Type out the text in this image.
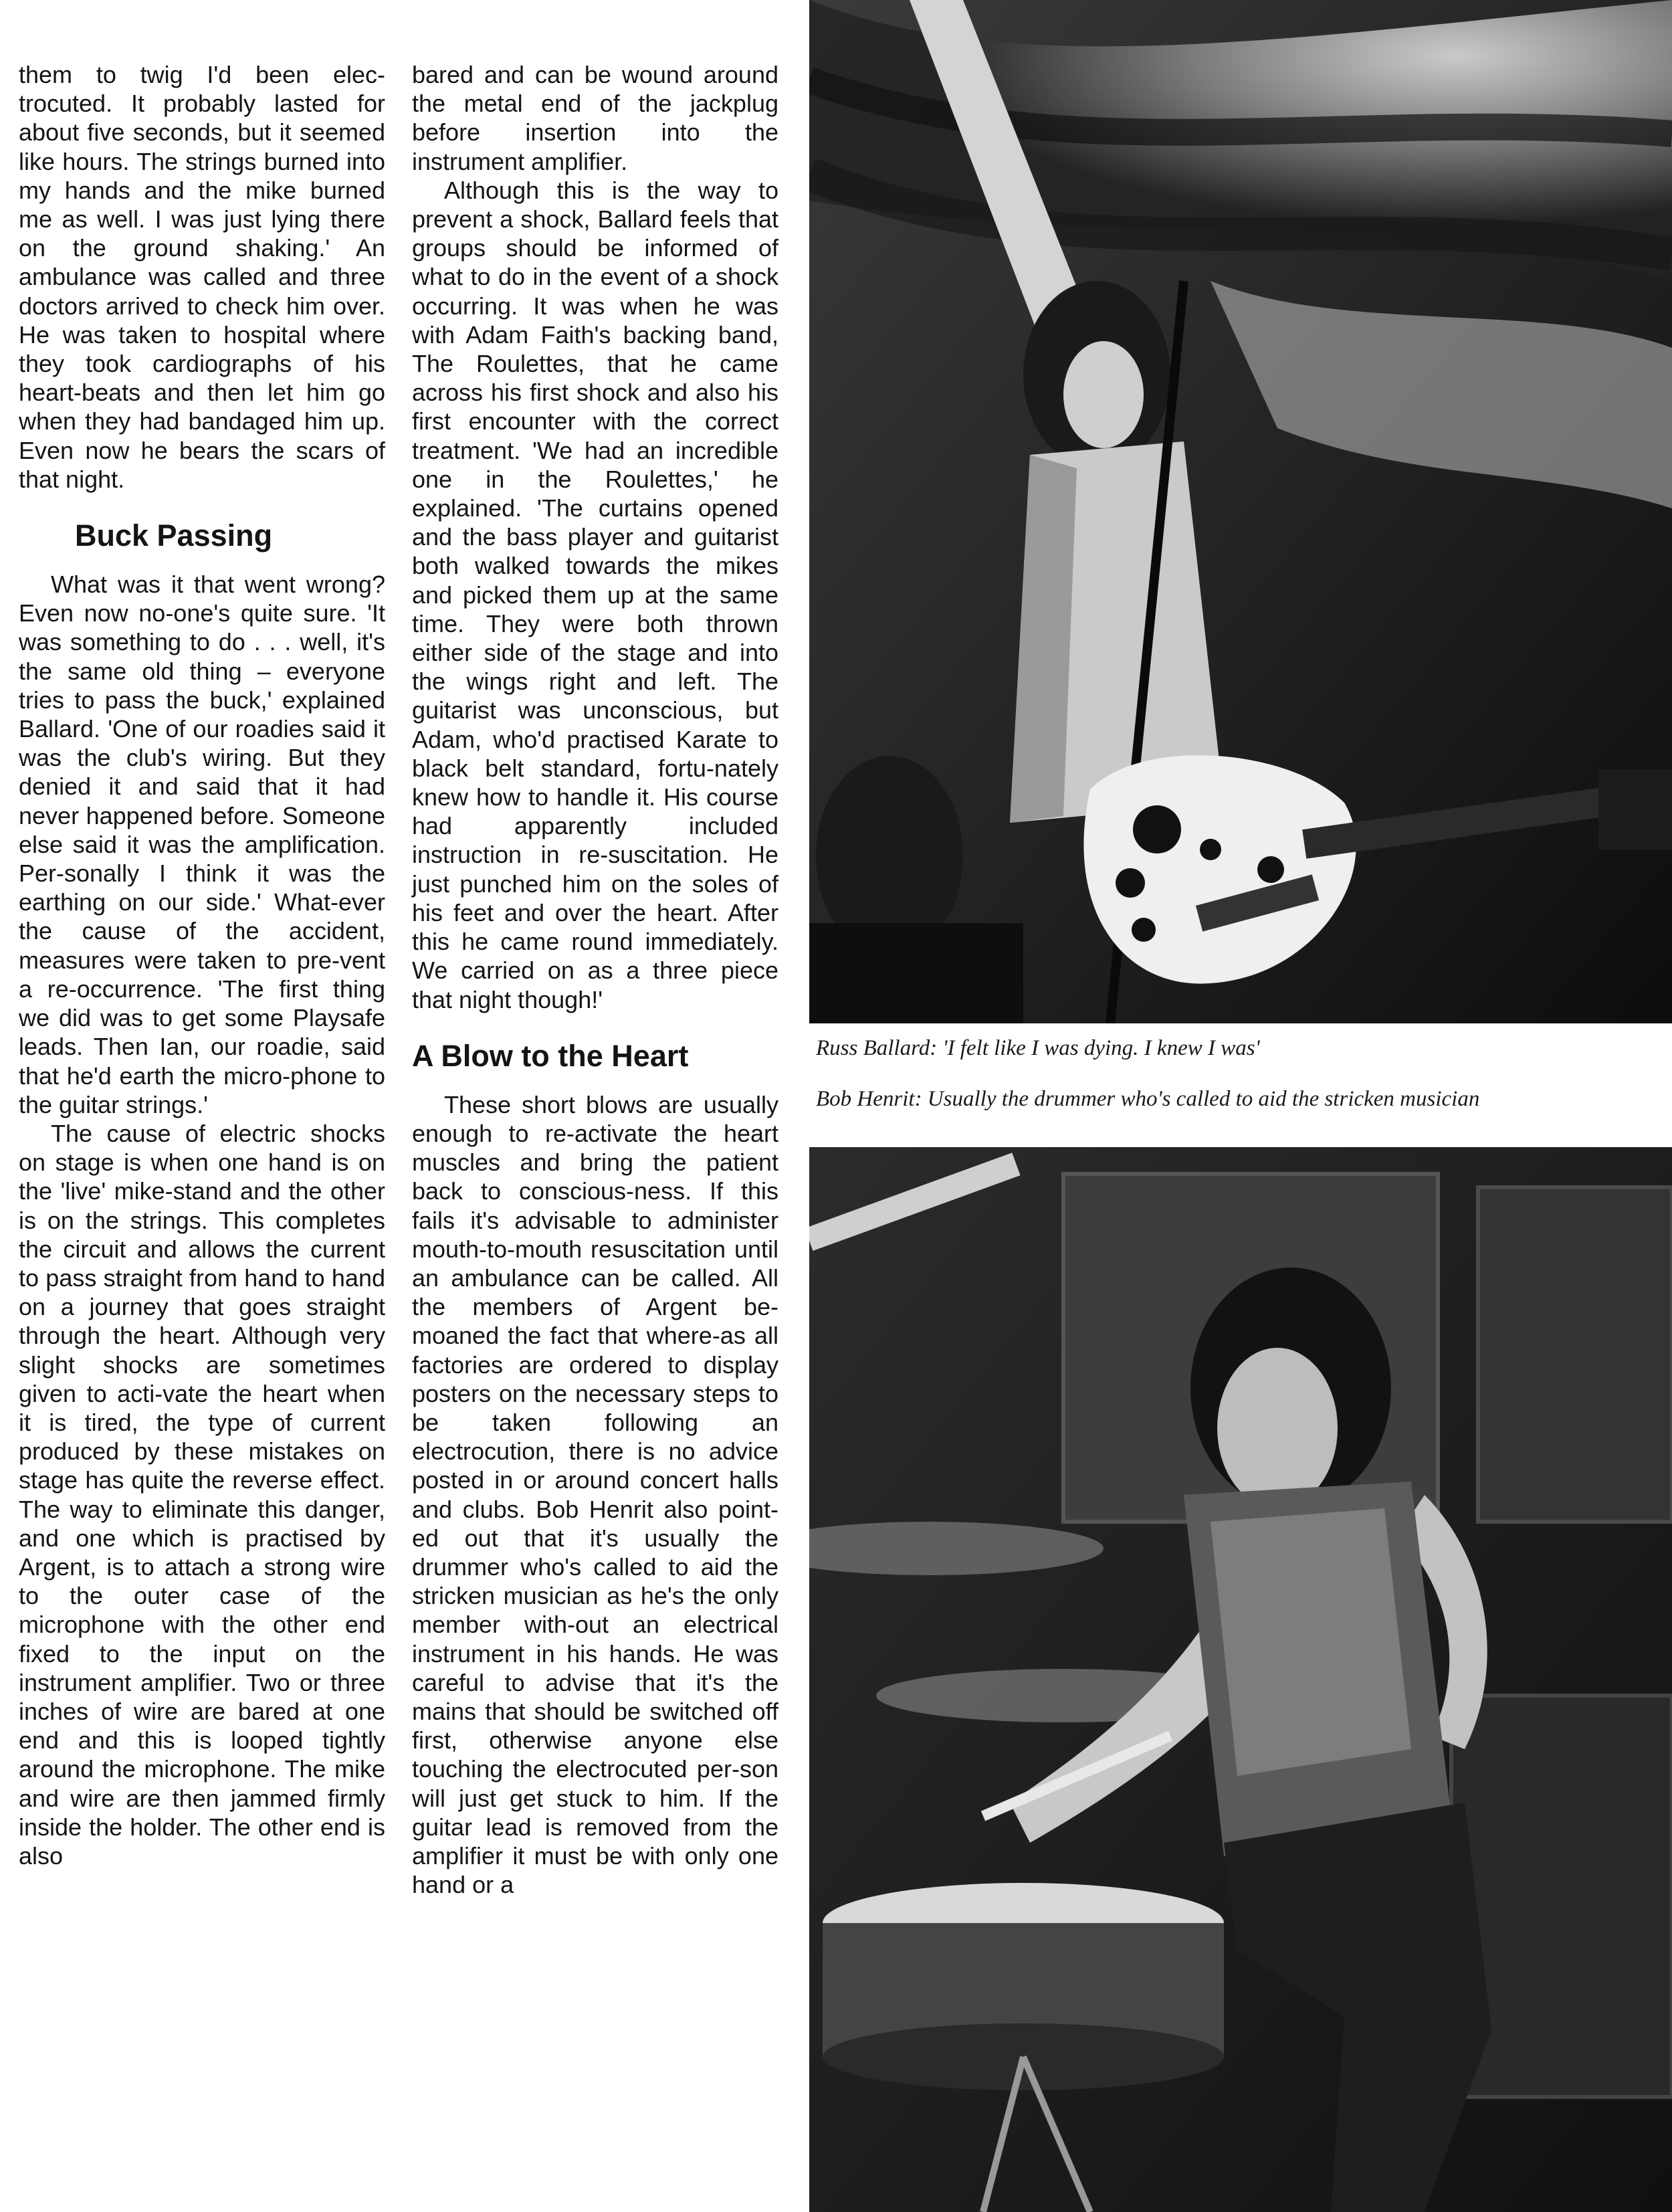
them to twig I'd been elec-trocuted. It probably lasted for about five seconds, but it seemed like hours. The strings burned into my hands and the mike burned me as well. I was just lying there on the ground shaking.' An ambulance was called and three doctors arrived to check him over. He was taken to hospital where they took cardiographs of his heart-beats and then let him go when they had bandaged him up. Even now he bears the scars of that night.

Buck Passing

What was it that went wrong? Even now no-one's quite sure. 'It was something to do . . . well, it's the same old thing – everyone tries to pass the buck,' explained Ballard. 'One of our roadies said it was the club's wiring. But they denied it and said that it had never happened before. Someone else said it was the amplification. Per-sonally I think it was the earthing on our side.' What-ever the cause of the accident, measures were taken to pre-vent a re-occurrence. 'The first thing we did was to get some Playsafe leads. Then Ian, our roadie, said that he'd earth the micro-phone to the guitar strings.'

The cause of electric shocks on stage is when one hand is on the 'live' mike-stand and the other is on the strings. This completes the circuit and allows the current to pass straight from hand to hand on a journey that goes straight through the heart. Although very slight shocks are sometimes given to acti-vate the heart when it is tired, the type of current produced by these mistakes on stage has quite the reverse effect. The way to eliminate this danger, and one which is practised by Argent, is to attach a strong wire to the outer case of the microphone with the other end fixed to the input on the instrument amplifier. Two or three inches of wire are bared at one end and this is looped tightly around the microphone. The mike and wire are then jammed firmly inside the holder. The other end is also

bared and can be wound around the metal end of the jackplug before insertion into the instrument amplifier.

Although this is the way to prevent a shock, Ballard feels that groups should be informed of what to do in the event of a shock occurring. It was when he was with Adam Faith's backing band, The Roulettes, that he came across his first shock and also his first encounter with the correct treatment. 'We had an incredible one in the Roulettes,' he explained. 'The curtains opened and the bass player and guitarist both walked towards the mikes and picked them up at the same time. They were both thrown either side of the stage and into the wings right and left. The guitarist was unconscious, but Adam, who'd practised Karate to black belt standard, fortu-nately knew how to handle it. His course had apparently included instruction in re-suscitation. He just punched him on the soles of his feet and over the heart. After this he came round immediately. We carried on as a three piece that night though!'

A Blow to the Heart

These short blows are usually enough to re-activate the heart muscles and bring the patient back to conscious-ness. If this fails it's advisable to administer mouth-to-mouth resuscitation until an ambulance can be called. All the members of Argent be-moaned the fact that where-as all factories are ordered to display posters on the necessary steps to be taken following an electrocution, there is no advice posted in or around concert halls and clubs. Bob Henrit also point-ed out that it's usually the drummer who's called to aid the stricken musician as he's the only member with-out an electrical instrument in his hands. He was careful to advise that it's the mains that should be switched off first, otherwise anyone else touching the electrocuted per-son will just get stuck to him. If the guitar lead is removed from the amplifier it must be with only one hand or a

Russ Ballard: 'I felt like I was dying. I knew I was'
Bob Henrit: Usually the drummer who's called to aid the stricken musician
